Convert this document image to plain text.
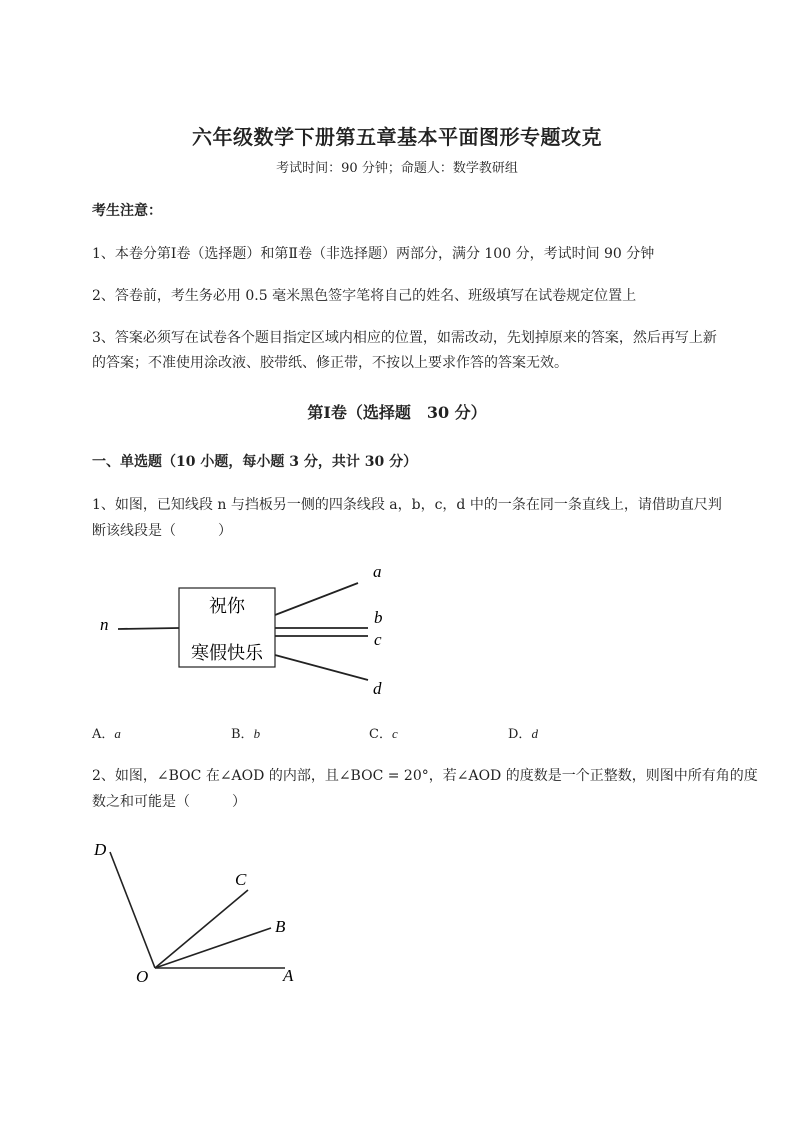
六年级数学下册第五章基本平面图形专题攻克
考试时间：90 分钟；命题人：数学教研组
考生注意：
1、本卷分第Ⅰ卷（选择题）和第Ⅱ卷（非选择题）两部分，满分 100 分，考试时间 90 分钟
2、答卷前，考生务必用 0.5 毫米黑色签字笔将自己的姓名、班级填写在试卷规定位置上
3、答案必须写在试卷各个题目指定区域内相应的位置，如需改动，先划掉原来的答案，然后再写上新
的答案；不准使用涂改液、胶带纸、修正带，不按以上要求作答的答案无效。
第Ⅰ卷（选择题　30 分）
一、单选题（10 小题，每小题 3 分，共计 30 分）
1、如图，已知线段 n 与挡板另一侧的四条线段 a，b，c，d 中的一条在同一条直线上，请借助直尺判
断该线段是（　　　）
祝你
寒假快乐
n
a
b
c
d
A．a	B．b	C．c	D．d
2、如图，∠BOC 在∠AOD 的内部，且∠BOC = 20°，若∠AOD 的度数是一个正整数，则图中所有角的度
数之和可能是（　　　）
D
C
B
O	A
